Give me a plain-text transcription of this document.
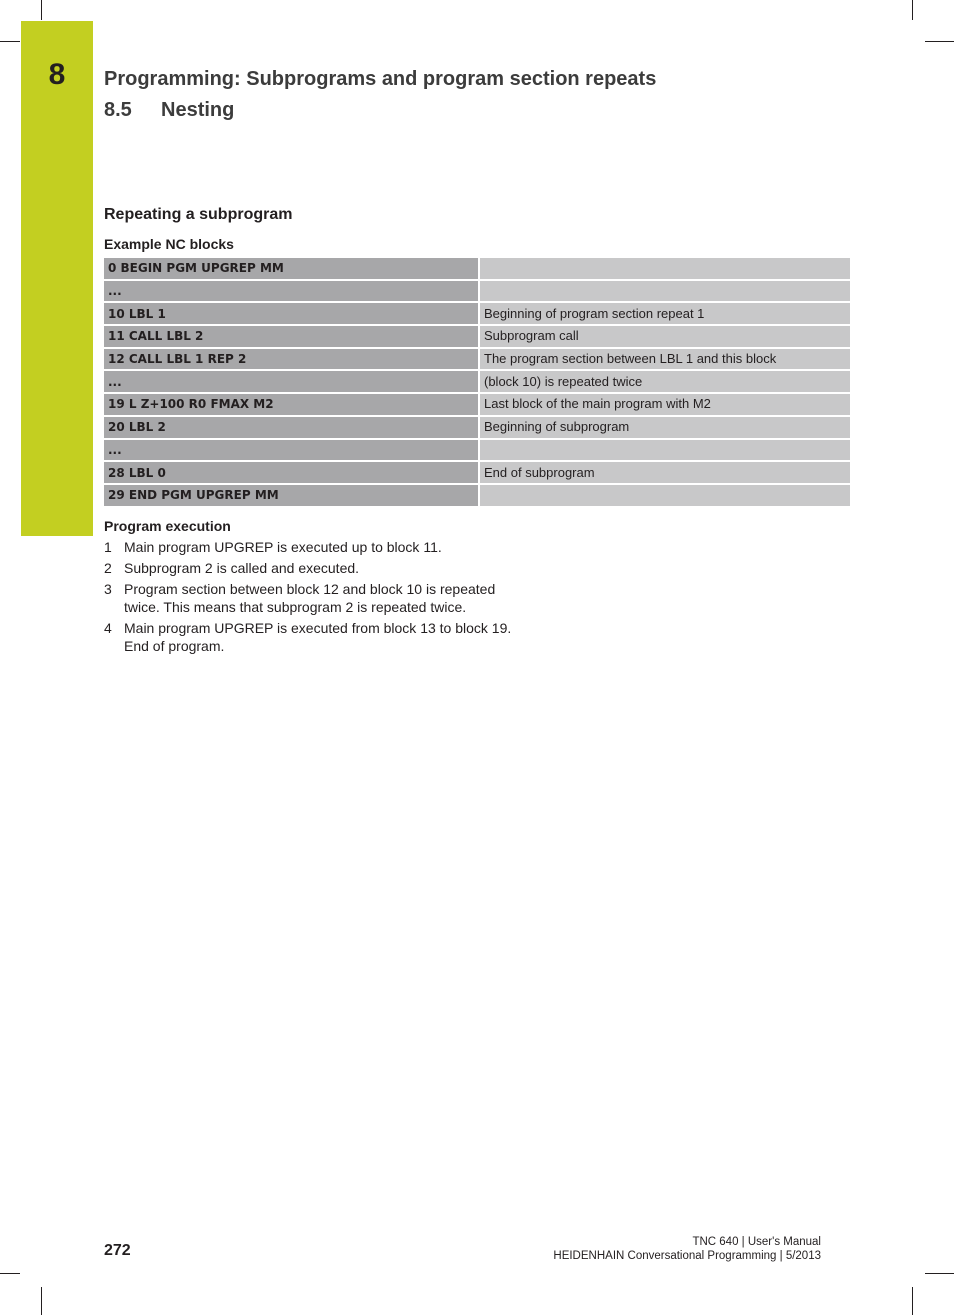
8	Programming: Subprograms and program section repeats
8.5 Nesting
Repeating a subprogram
Example NC blocks
0 BEGIN PGM UPGREP MM	
...	
10 LBL 1	Beginning of program section repeat 1
11 CALL LBL 2	Subprogram call
12 CALL LBL 1 REP 2	The program section between LBL 1 and this block
...	(block 10) is repeated twice
19 L Z+100 R0 FMAX M2	Last block of the main program with M2
20 LBL 2	Beginning of subprogram
...	
28 LBL 0	End of subprogram
29 END PGM UPGREP MM	
Program execution
1 Main program UPGREP is executed up to block 11.
2 Subprogram 2 is called and executed.
3 Program section between block 12 and block 10 is repeated
twice. This means that subprogram 2 is repeated twice.
4 Main program UPGREP is executed from block 13 to block 19.
End of program.
272	TNC 640 | User's Manual
HEIDENHAIN Conversational Programming | 5/2013
